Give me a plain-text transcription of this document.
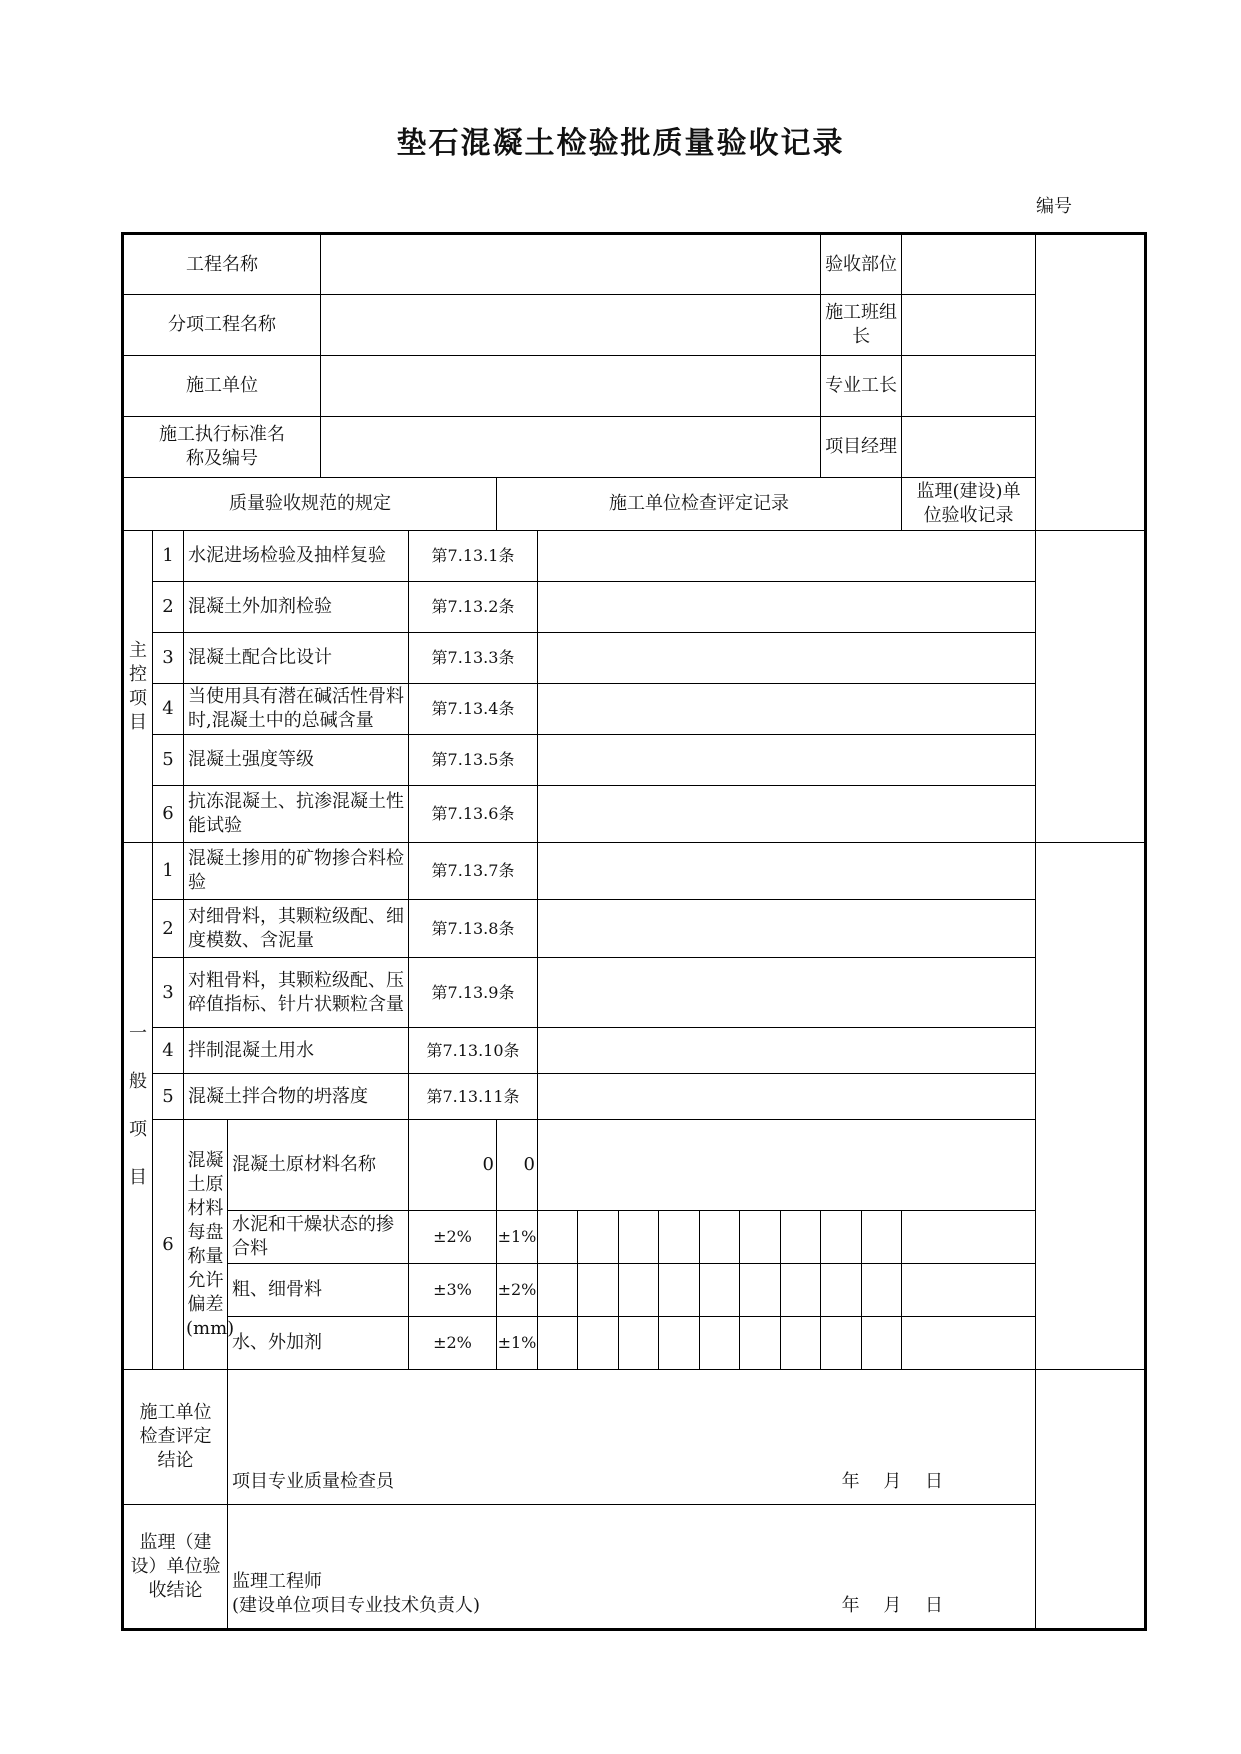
垫石混凝土检验批质量验收记录
编号
工程名称														验收部位			
分项工程名称														施工班组长			
施工单位														专业工长			
施工执行标准名称及编号														项目经理			
质量验收规范的规定						施工单位检查评定记录										监理(建设)单位验收记录	

主
控
项
目	1	水泥进场检验及抽样复验			第7.13.1条												
	2	混凝土外加剂检验			第7.13.2条												
	3	混凝土配合比设计			第7.13.3条												
	4	当使用具有潜在碱活性骨料时,混凝土中的总碱含量			第7.13.4条												
	5	混凝土强度等级			第7.13.5条												
	6	抗冻混凝土、抗渗混凝土性能试验			第7.13.6条												

一
般
项
目	1	混凝土掺用的矿物掺合料检验			第7.13.7条												
	2	对细骨料，其颗粒级配、细度模数、含泥量			第7.13.8条												
	3	对粗骨料，其颗粒级配、压碎值指标、针片状颗粒含量			第7.13.9条												
	4	拌制混凝土用水			第7.13.10条												
	5	混凝土拌合物的坍落度			第7.13.11条												
	6	混凝土原材料每盘称量允许偏差(mm)	混凝土原材料名称		0	0											
			水泥和干燥状态的掺合料		±2%	±1%											
			粗、细骨料		±3%	±2%											
			水、外加剂		±2%	±1%											
施工单位检查评定结论			项目专业质量检查员 年 月 日														

监理（建设）单位验收结论			监理工程师
(建设单位项目专业技术负责人) 年 月 日														
